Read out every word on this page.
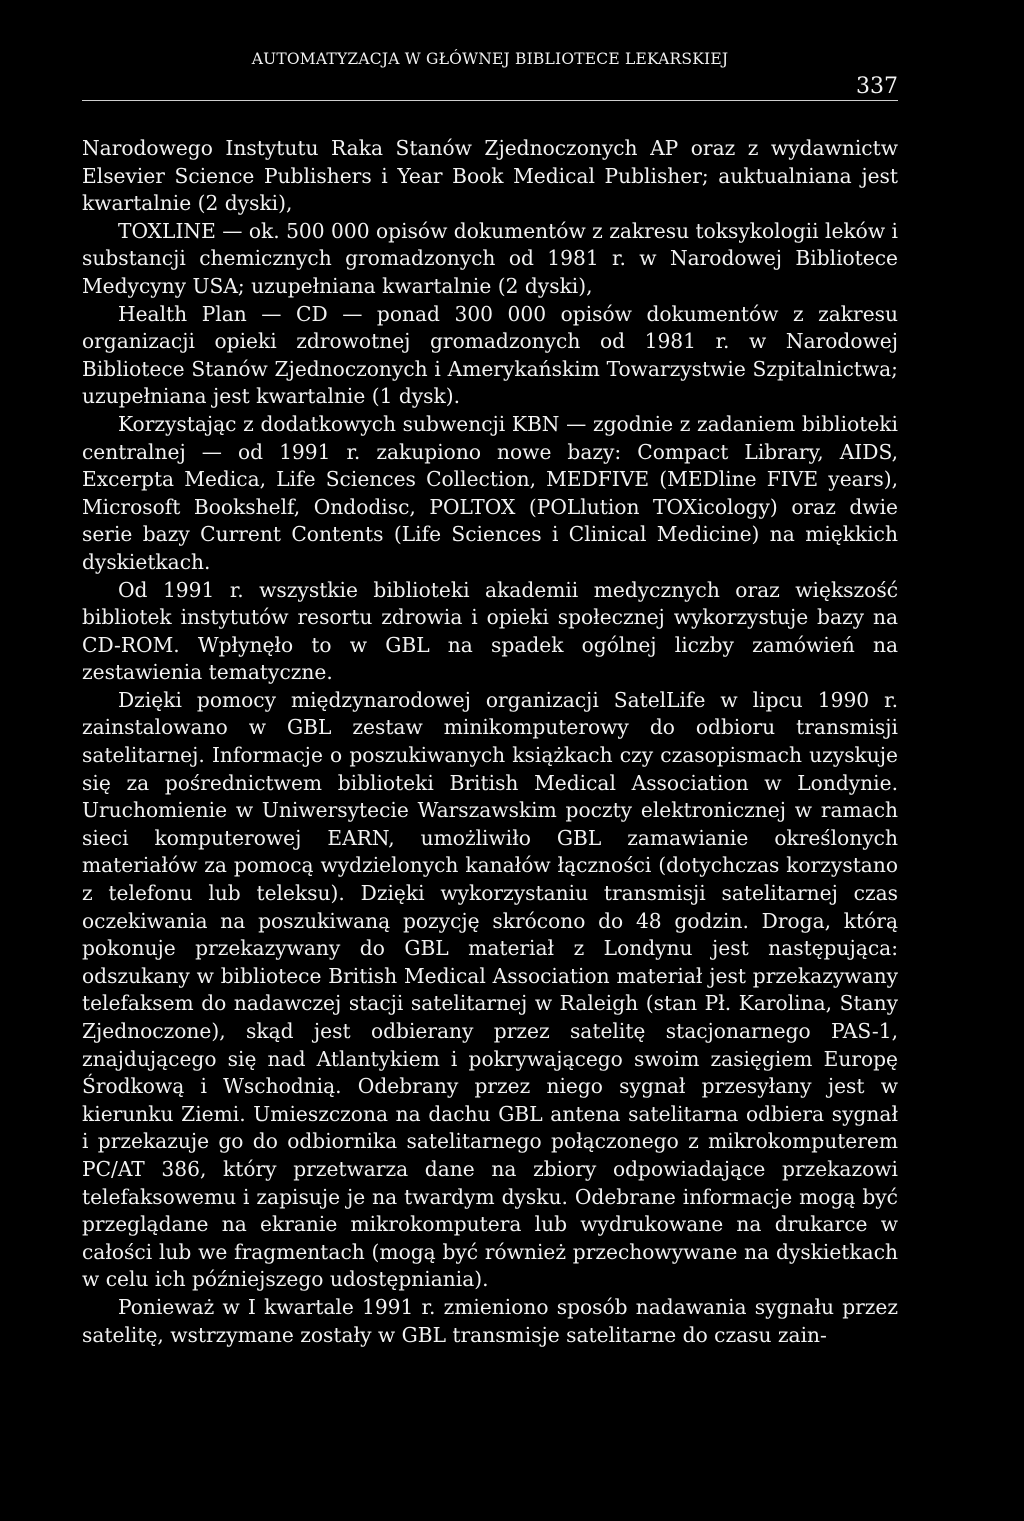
AUTOMATYZACJA W GŁÓWNEJ BIBLIOTECE LEKARSKIEJ
337

Narodowego Instytutu Raka Stanów Zjednoczonych AP oraz z wydawnictw Elsevier Science Publishers i Year Book Medical Publisher; auktualniana jest kwartalnie (2 dyski),

TOXLINE — ok. 500 000 opisów dokumentów z zakresu toksykologii leków i substancji chemicznych gromadzonych od 1981 r. w Narodowej Bibliotece Medycyny USA; uzupełniana kwartalnie (2 dyski),

Health Plan — CD — ponad 300 000 opisów dokumentów z zakresu organizacji opieki zdrowotnej gromadzonych od 1981 r. w Narodowej Bibliotece Stanów Zjednoczonych i Amerykańskim Towarzystwie Szpitalnictwa; uzupełniana jest kwartalnie (1 dysk).

Korzystając z dodatkowych subwencji KBN — zgodnie z zadaniem biblioteki centralnej — od 1991 r. zakupiono nowe bazy: Compact Library, AIDS, Excerpta Medica, Life Sciences Collection, MEDFIVE (MEDline FIVE years), Microsoft Bookshelf, Ondodisc, POLTOX (POLlution TOXicology) oraz dwie serie bazy Current Contents (Life Sciences i Clinical Medicine) na miękkich dyskietkach.

Od 1991 r. wszystkie biblioteki akademii medycznych oraz większość bibliotek instytutów resortu zdrowia i opieki społecznej wykorzystuje bazy na CD-ROM. Wpłynęło to w GBL na spadek ogólnej liczby zamówień na zestawienia tematyczne.

Dzięki pomocy międzynarodowej organizacji SatelLife w lipcu 1990 r. zainstalowano w GBL zestaw minikomputerowy do odbioru transmisji satelitarnej. Informacje o poszukiwanych książkach czy czasopismach uzyskuje się za pośrednictwem biblioteki British Medical Association w Londynie. Uruchomienie w Uniwersytecie Warszawskim poczty elektronicznej w ramach sieci komputerowej EARN, umożliwiło GBL zamawianie określonych materiałów za pomocą wydzielonych kanałów łączności (dotychczas korzystano z telefonu lub teleksu). Dzięki wykorzystaniu transmisji satelitarnej czas oczekiwania na poszukiwaną pozycję skrócono do 48 godzin. Droga, którą pokonuje przekazywany do GBL materiał z Londynu jest następująca: odszukany w bibliotece British Medical Association materiał jest przekazywany telefaksem do nadawczej stacji satelitarnej w Raleigh (stan Pł. Karolina, Stany Zjednoczone), skąd jest odbierany przez satelitę stacjonarnego PAS-1, znajdującego się nad Atlantykiem i pokrywającego swoim zasięgiem Europę Środkową i Wschodnią. Odebrany przez niego sygnał przesyłany jest w kierunku Ziemi. Umieszczona na dachu GBL antena satelitarna odbiera sygnał i przekazuje go do odbiornika satelitarnego połączonego z mikrokomputerem PC/AT 386, który przetwarza dane na zbiory odpowiadające przekazowi telefaksowemu i zapisuje je na twardym dysku. Odebrane informacje mogą być przeglądane na ekranie mikrokomputera lub wydrukowane na drukarce w całości lub we fragmentach (mogą być również przechowywane na dyskietkach w celu ich późniejszego udostępniania).

Ponieważ w I kwartale 1991 r. zmieniono sposób nadawania sygnału przez satelitę, wstrzymane zostały w GBL transmisje satelitarne do czasu zain-
